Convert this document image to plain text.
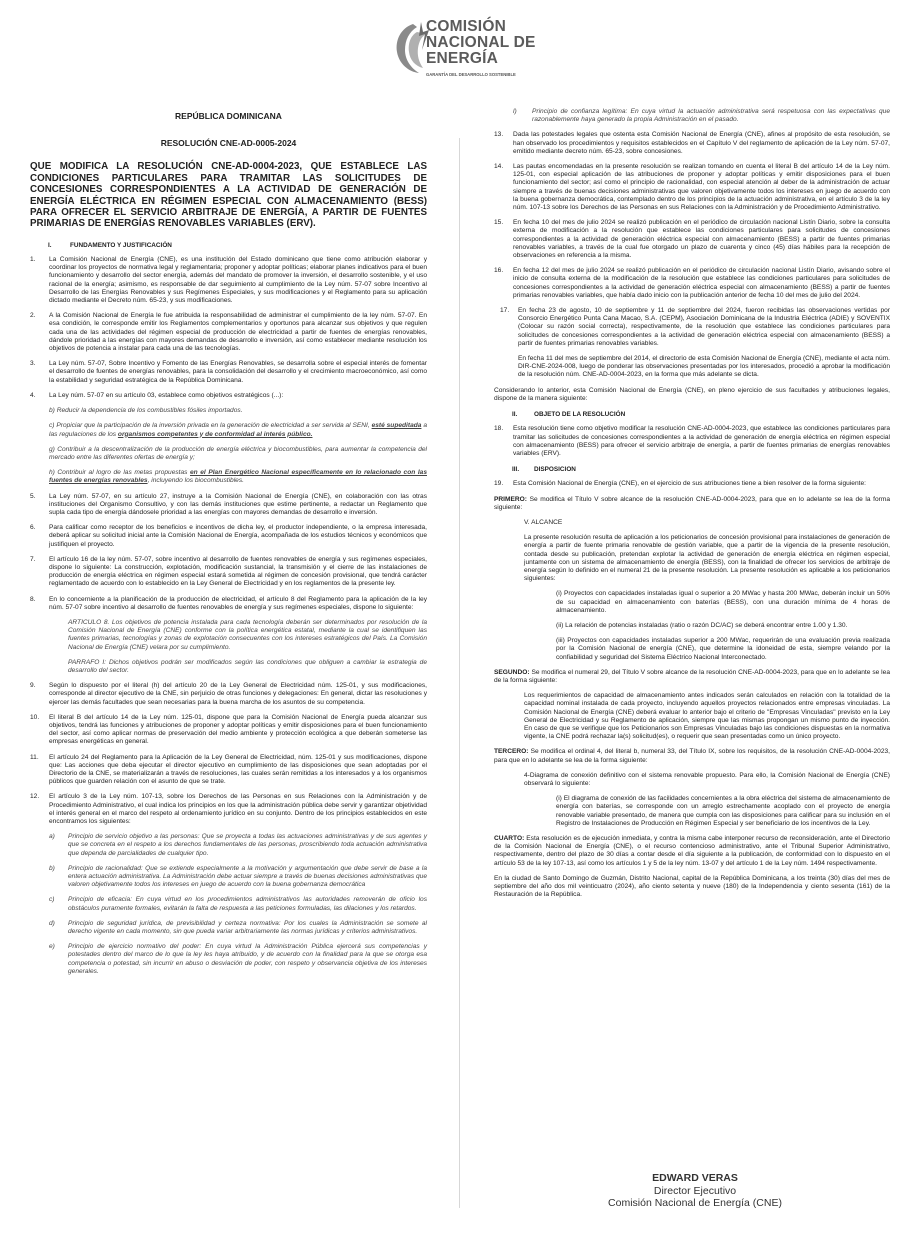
COMISIÓN
NACIONAL DE
ENERGÍA
GARANTÍA DEL DESARROLLO SOSTENIBLE
REPÚBLICA DOMINICANA
RESOLUCIÓN CNE-AD-0005-2024
QUE MODIFICA LA RESOLUCIÓN CNE-AD-0004-2023, QUE ESTABLECE LAS CONDICIONES PARTICULARES PARA TRAMITAR LAS SOLICITUDES DE CONCESIONES CORRESPONDIENTES A LA ACTIVIDAD DE GENERACIÓN DE ENERGÍA ELÉCTRICA EN RÉGIMEN ESPECIAL CON ALMACENAMIENTO (BESS) PARA OFRECER EL SERVICIO ARBITRAJE DE ENERGÍA, A PARTIR DE FUENTES PRIMARIAS DE ENERGÍAS RENOVABLES VARIABLES (ERV).
I.	FUNDAMENTO Y JUSTIFICACIÓN
1. La Comisión Nacional de Energía (CNE), es una institución del Estado dominicano que tiene como atribución elaborar y coordinar los proyectos de normativa legal y reglamentaria; proponer y adoptar políticas; elaborar planes indicativos para el buen funcionamiento y desarrollo del sector energía, además del mandato de promover la inversión, el desarrollo sostenible, y el uso racional de la energía; asimismo, es responsable de dar seguimiento al cumplimiento de la Ley núm. 57-07 sobre Incentivo al Desarrollo de las Energías Renovables y sus Regímenes Especiales, y sus modificaciones y el Reglamento para su aplicación dictado mediante el Decreto núm. 65-23, y sus modificaciones.
2. A la Comisión Nacional de Energía le fue atribuida la responsabilidad de administrar el cumplimiento de la ley núm. 57-07. En esa condición, le corresponde emitir los Reglamentos complementarios y oportunos para alcanzar sus objetivos y que regulen cada una de las actividades del régimen especial de producción de electricidad a partir de fuentes de energías renovables, dándole prioridad a las energías con mayores demandas de desarrollo e inversión, así como establecer mediante resolución los objetivos de potencia a instalar para cada una de las tecnologías.
3. La Ley núm. 57-07, Sobre Incentivo y Fomento de las Energías Renovables, se desarrolla sobre el especial interés de fomentar el desarrollo de fuentes de energías renovables, para la consolidación del desarrollo y el crecimiento macroeconómico, así como la estabilidad y seguridad estratégica de la República Dominicana.
4. La Ley núm. 57-07 en su artículo 03, establece como objetivos estratégicos (...):
b) Reducir la dependencia de los combustibles fósiles importados.
c) Propiciar que la participación de la inversión privada en la generación de electricidad a ser servida al SENI, esté supeditada a las regulaciones de los organismos competentes y de conformidad al interés público.
g) Contribuir a la descentralización de la producción de energía eléctrica y biocombustibles, para aumentar la competencia del mercado entre las diferentes ofertas de energía y;
h) Contribuir al logro de las metas propuestas en el Plan Energético Nacional específicamente en lo relacionado con las fuentes de energías renovables, incluyendo los biocombustibles.
5. La Ley núm. 57-07, en su artículo 27, instruye a la Comisión Nacional de Energía (CNE), en colaboración con las otras instituciones del Organismo Consultivo, y con las demás instituciones que estime pertinente, a redactar un Reglamento que supla cada tipo de energía dándosele prioridad a las energías con mayores demandas de desarrollo e inversión.
6. Para calificar como receptor de los beneficios e incentivos de dicha ley, el productor independiente, o la empresa interesada, deberá aplicar su solicitud inicial ante la Comisión Nacional de Energía, acompañada de los estudios técnicos y económicos que justifiquen el proyecto.
7. El artículo 16 de la ley núm. 57-07, sobre incentivo al desarrollo de fuentes renovables de energía y sus regímenes especiales, dispone lo siguiente: La construcción, explotación, modificación sustancial, la transmisión y el cierre de las instalaciones de producción de energía eléctrica en régimen especial estará sometida al régimen de concesión provisional, que tendrá carácter reglamentado de acuerdo con lo establecido en la Ley General de Electricidad y en los reglamentos de la presente ley.
8. En lo concerniente a la planificación de la producción de electricidad, el artículo 8 del Reglamento para la aplicación de la ley núm. 57-07 sobre incentivo al desarrollo de fuentes renovables de energía y sus regímenes especiales, dispone lo siguiente:
ARTICULO 8. Los objetivos de potencia instalada para cada tecnología deberán ser determinados por resolución de la Comisión Nacional de Energía (CNE) conforme con la política energética estatal, mediante la cual se identifiquen las fuentes primarias, tecnologías y zonas de explotación consecuentes con los intereses estratégicos del País. La Comisión Nacional de Energía (CNE) velara por su cumplimiento.
PARRAFO I: Dichos objetivos podrán ser modificados según las condiciones que obliguen a cambiar la estrategia de desarrollo del sector.
9. Según lo dispuesto por el literal (h) del artículo 20 de la Ley General de Electricidad núm. 125-01, y sus modificaciones, corresponde al director ejecutivo de la CNE, sin perjuicio de otras funciones y delegaciones: En general, dictar las resoluciones y ejercer las demás facultades que sean necesarias para la buena marcha de los asuntos de su competencia.
10. El literal B del artículo 14 de la Ley núm. 125-01, dispone que para la Comisión Nacional de Energía pueda alcanzar sus objetivos, tendrá las funciones y atribuciones de proponer y adoptar políticas y emitir disposiciones para el buen funcionamiento del sector, así como aplicar normas de preservación del medio ambiente y protección ecológica a que deberán someterse las empresas energéticas en general.
11. El artículo 24 del Reglamento para la Aplicación de la Ley General de Electricidad, núm. 125-01 y sus modificaciones, dispone que: Las acciones que deba ejecutar el director ejecutivo en cumplimiento de las disposiciones que sean adoptadas por el Directorio de la CNE, se materializarán a través de resoluciones, las cuales serán remitidas a los interesados y a los organismos públicos que guarden relación con el asunto de que se trate.
12. El artículo 3 de la Ley núm. 107-13, sobre los Derechos de las Personas en sus Relaciones con la Administración y de Procedimiento Administrativo, el cual indica los principios en los que la administración pública debe servir y garantizar objetividad el interés general en el marco del respeto al ordenamiento jurídico en su conjunto. Dentro de los principios establecidos en este encontramos los siguientes:
a) Principio de servicio objetivo a las personas: Que se proyecta a todas las actuaciones administrativas y de sus agentes y que se concreta en el respeto a los derechos fundamentales de las personas, proscribiendo toda actuación administrativa que dependa de parcialidades de cualquier tipo.
b) Principio de racionalidad: Que se extiende especialmente a la motivación y argumentación que debe servir de base a la entera actuación administrativa. La Administración debe actuar siempre a través de buenas decisiones administrativas que valoren objetivamente todos los intereses en juego de acuerdo con la buena gobernanza democrática
c) Principio de eficacia: En cuya virtud en los procedimientos administrativos las autoridades removerán de oficio los obstáculos puramente formales, evitarán la falta de respuesta a las peticiones formuladas, las dilaciones y los retardos.
d) Principio de seguridad jurídica, de previsibilidad y certeza normativa: Por los cuales la Administración se somete al derecho vigente en cada momento, sin que pueda variar arbitrariamente las normas jurídicas y criterios administrativos.
e) Principio de ejercicio normativo del poder: En cuya virtud la Administración Pública ejercerá sus competencias y potestades dentro del marco de lo que la ley les haya atribuido, y de acuerdo con la finalidad para la que se otorga esa competencia o potestad, sin incurrir en abuso o desviación de poder, con respeto y observancia objetiva de los intereses generales.
l) Principio de confianza legítima: En cuya virtud la actuación administrativa será respetuosa con las expectativas que razonablemente haya generado la propia Administración en el pasado.
13. Dada las potestades legales que ostenta esta Comisión Nacional de Energía (CNE), afines al propósito de esta resolución, se han observado los procedimientos y requisitos establecidos en el Capítulo V del reglamento de aplicación de la Ley núm. 57-07, emitido mediante decreto núm. 65-23, sobre concesiones.
14. Las pautas encomendadas en la presente resolución se realizan tomando en cuenta el literal B del artículo 14 de la Ley núm. 125-01, con especial aplicación de las atribuciones de proponer y adoptar políticas y emitir disposiciones para el buen funcionamiento del sector; así como el principio de racionalidad, con especial atención al deber de la administración de actuar siempre a través de buenas decisiones administrativas que valoren objetivamente todos los intereses en juego de acuerdo con la buena gobernanza democrática, contemplado dentro de los principios de la actuación administrativa, en el artículo 3 de la ley núm. 107-13 sobre los Derechos de las Personas en sus Relaciones con la Administración y de Procedimiento Administrativo.
15. En fecha 10 del mes de julio 2024 se realizó publicación en el periódico de circulación nacional Listín Diario, sobre la consulta externa de modificación a la resolución que establece las condiciones particulares para solicitudes de concesiones correspondientes a la actividad de generación eléctrica especial con almacenamiento (BESS) a partir de fuentes primarias renovables variables, a través de la cual fue otorgado un plazo de cuarenta y cinco (45) días hábiles para la recepción de observaciones en referencia a la misma.
16. En fecha 12 del mes de julio 2024 se realizó publicación en el periódico de circulación nacional Listín Diario, avisando sobre el inicio de consulta externa de la modificación de la resolución que establece las condiciones particulares para solicitudes de concesiones correspondientes a la actividad de generación eléctrica especial con almacenamiento (BESS) a partir de fuentes primarias renovables variables, que había dado inicio con la publicación anterior de fecha 10 del mes de julio del 2024.
17. En fecha 23 de agosto, 10 de septiembre y 11 de septiembre del 2024, fueron recibidas las observaciones vertidas por Consorcio Energético Punta Cana Macao, S.A. (CEPM), Asociación Dominicana de la Industria Eléctrica (ADIE) y SOVENTIX (Colocar su razón social correcta), respectivamente, de la resolución que establece las condiciones particulares para solicitudes de concesiones correspondientes a la actividad de generación eléctrica especial con almacenamiento (BESS) a partir de fuentes primarias renovables variables.
En fecha 11 del mes de septiembre del 2014, el directorio de esta Comisión Nacional de Energía (CNE), mediante el acta núm. DIR-CNE-2024-008, luego de ponderar las observaciones presentadas por los interesados, procedió a aprobar la modificación de la resolución núm. CNE-AD-0004-2023, en la forma que más adelante se dicta.
Considerando lo anterior, esta Comisión Nacional de Energía (CNE), en pleno ejercicio de sus facultades y atribuciones legales, dispone de la manera siguiente:
II.	OBJETO DE LA RESOLUCIÓN
18. Esta resolución tiene como objetivo modificar la resolución CNE-AD-0004-2023, que establece las condiciones particulares para tramitar las solicitudes de concesiones correspondientes a la actividad de generación de energía eléctrica en régimen especial con almacenamiento (BESS) para ofrecer el servicio arbitraje de energía, a partir de fuentes primarias de energías renovables variables (ERV).
III. DISPOSICION
19. Esta Comisión Nacional de Energía (CNE), en el ejercicio de sus atribuciones tiene a bien resolver de la forma siguiente:
PRIMERO: Se modifica el Título V sobre alcance de la resolución CNE-AD-0004-2023, para que en lo adelante se lea de la forma siguiente:
V. ALCANCE
La presente resolución resulta de aplicación a los peticionarios de concesión provisional para instalaciones de generación de energía a partir de fuente primaria renovable de gestión variable, que a partir de la vigencia de la presente resolución, contada desde su publicación, pretendan explotar la actividad de generación de energía eléctrica en régimen especial, juntamente con un sistema de almacenamiento de energía (BESS), con la finalidad de ofrecer los servicios de arbitraje de energía según lo definido en el numeral 21 de la presente resolución. La presente resolución es aplicable a los peticionarios siguientes:
(i) Proyectos con capacidades instaladas igual o superior a 20 MWac y hasta 200 MWac, deberán incluir un 50% de su capacidad en almacenamiento con baterías (BESS), con una duración mínima de 4 horas de almacenamiento.
(ii) La relación de potencias instaladas (ratio o razón DC/AC) se deberá encontrar entre 1.00 y 1.30.
(iii) Proyectos con capacidades instaladas superior a 200 MWac, requerirán de una evaluación previa realizada por la Comisión Nacional de energía (CNE), que determine la idoneidad de esta, siempre velando por la confiabilidad y seguridad del Sistema Eléctrico Nacional Interconectado.
SEGUNDO: Se modifica el numeral 29, del Título V sobre alcance de la resolución CNE-AD-0004-2023, para que en lo adelante se lea de la forma siguiente:
Los requerimientos de capacidad de almacenamiento antes indicados serán calculados en relación con la totalidad de la capacidad nominal instalada de cada proyecto, incluyendo aquellos proyectos relacionados entre empresas vinculadas. La Comisión Nacional de Energía (CNE) deberá evaluar lo anterior bajo el criterio de "Empresas Vinculadas" previsto en la Ley General de Electricidad y su Reglamento de aplicación, siempre que las mismas propongan un mismo punto de inyección. En caso de que se verifique que los Peticionarios son Empresas Vinculadas bajo las condiciones dispuestas en la normativa vigente, la CNE podrá rechazar la(s) solicitud(es), o requerir que sean presentadas como un único proyecto.
TERCERO: Se modifica el ordinal 4, del literal b, numeral 33, del Título IX, sobre los requisitos, de la resolución CNE-AD-0004-2023, para que en lo adelante se lea de la forma siguiente:
4-Diagrama de conexión definitivo con el sistema renovable propuesto. Para ello, la Comisión Nacional de Energía (CNE) observará lo siguiente:
(i) El diagrama de conexión de las facilidades concernientes a la obra eléctrica del sistema de almacenamiento de energía con baterías, se corresponde con un arreglo estrechamente acoplado con el proyecto de energía renovable variable presentado, de manera que cumpla con las disposiciones para calificar para su inclusión en el Registro de Instalaciones de Producción en Régimen Especial y ser beneficiario de los incentivos de la Ley.
CUARTO: Esta resolución es de ejecución inmediata, y contra la misma cabe interponer recurso de reconsideración, ante el Directorio de la Comisión Nacional de Energía (CNE), o el recurso contencioso administrativo, ante el Tribunal Superior Administrativo, respectivamente, dentro del plazo de 30 días a contar desde el día siguiente a la publicación, de conformidad con lo dispuesto en el artículo 53 de la ley 107-13, así como los artículos 1 y 5 de la ley núm. 13-07 y del artículo 1 de la Ley núm. 1494 respectivamente.
En la ciudad de Santo Domingo de Guzmán, Distrito Nacional, capital de la República Dominicana, a los treinta (30) días del mes de septiembre del año dos mil veinticuatro (2024), año ciento setenta y nueve (180) de la Independencia y ciento sesenta (161) de la Restauración de la República.
EDWARD VERAS
Director Ejecutivo
Comisión Nacional de Energía (CNE)
